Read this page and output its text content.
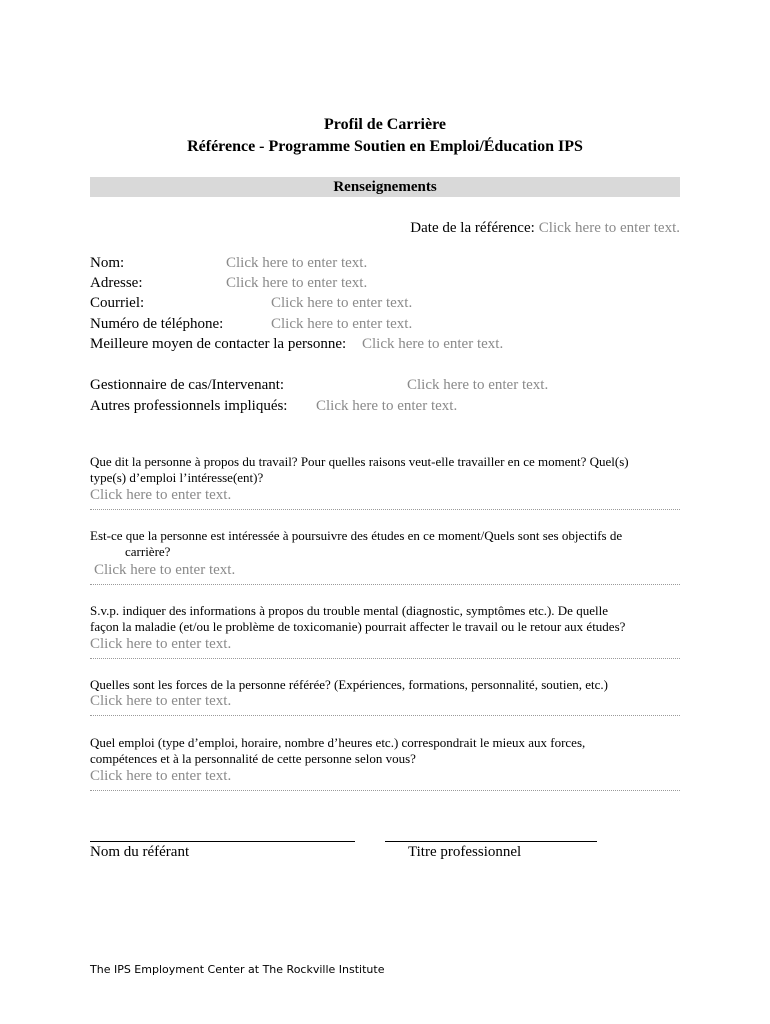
Profil de Carrière
Référence - Programme Soutien en Emploi/Éducation IPS
Renseignements
Date de la référence: Click here to enter text.
Nom:	Click here to enter text.
Adresse:	Click here to enter text.
Courriel:	Click here to enter text.
Numéro de téléphone:	Click here to enter text.
Meilleure moyen de contacter la personne: Click here to enter text.
Gestionnaire de cas/Intervenant:	Click here to enter text.
Autres professionnels impliqués: Click here to enter text.
Que dit la personne à propos du travail? Pour quelles raisons veut-elle travailler en ce moment? Quel(s)
type(s) d’emploi l’intéresse(ent)?
Click here to enter text.
Est-ce que la personne est intéressée à poursuivre des études en ce moment/Quels sont ses objectifs de
carrière?
Click here to enter text.
S.v.p. indiquer des informations à propos du trouble mental (diagnostic, symptômes etc.). De quelle
façon la maladie (et/ou le problème de toxicomanie) pourrait affecter le travail ou le retour aux études?
Click here to enter text.
Quelles sont les forces de la personne référée? (Expériences, formations, personnalité, soutien, etc.)
Click here to enter text.
Quel emploi (type d’emploi, horaire, nombre d’heures etc.) correspondrait le mieux aux forces,
compétences et à la personnalité de cette personne selon vous?
Click here to enter text.
Nom du référant	Titre professionnel
The IPS Employment Center at The Rockville Institute
